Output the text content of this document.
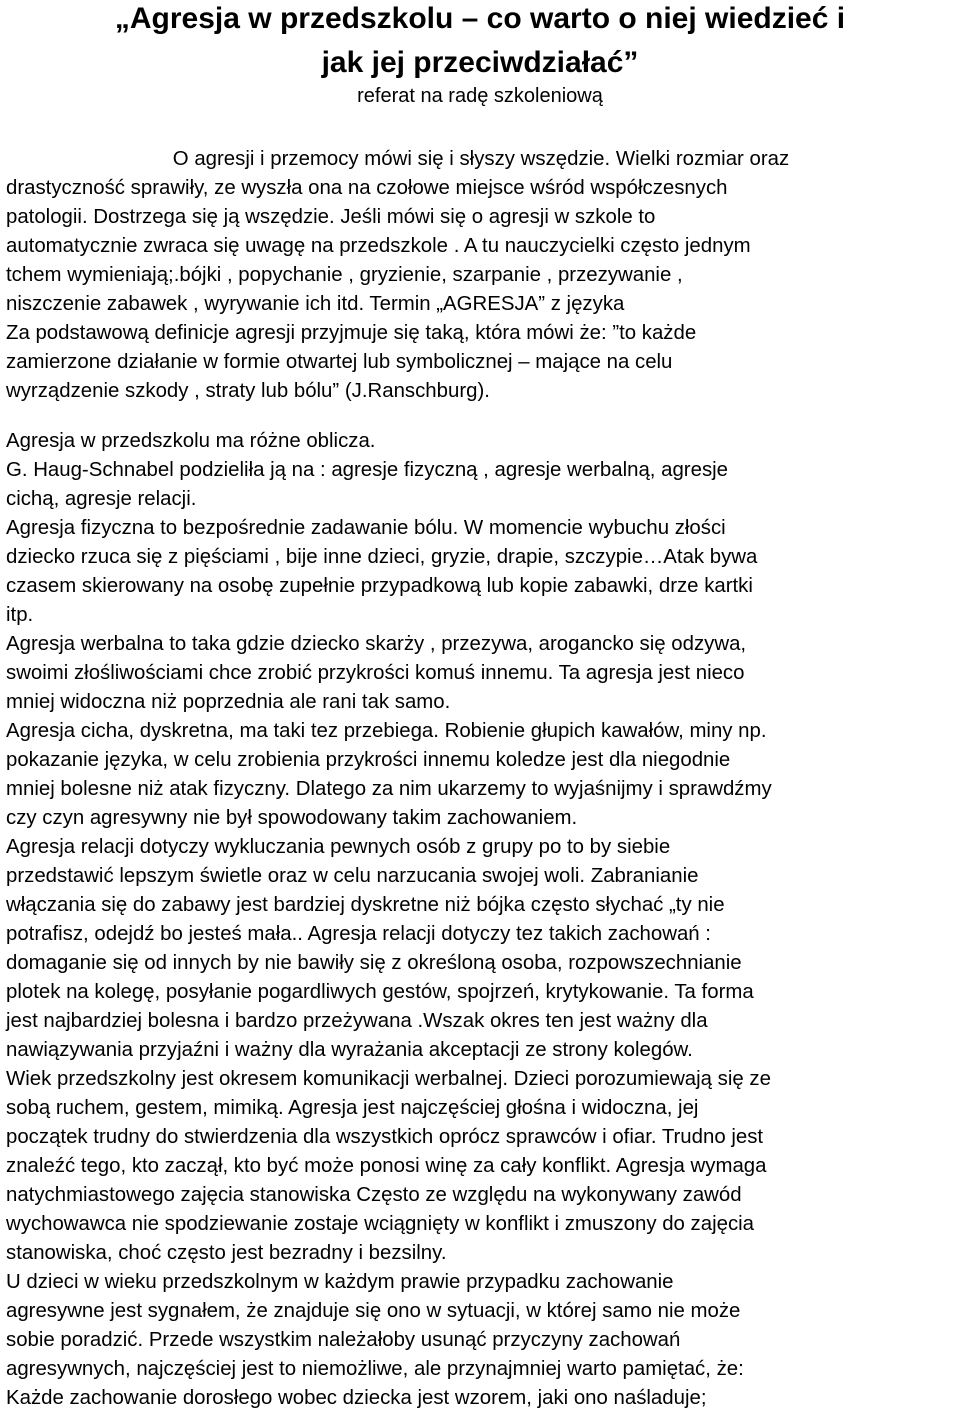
„Agresja w przedszkolu – co warto o niej wiedzieć i
jak jej przeciwdziałać”
referat na radę szkoleniową
O agresji i przemocy mówi się i słyszy wszędzie. Wielki rozmiar oraz
drastyczność sprawiły, ze wyszła ona na czołowe miejsce wśród współczesnych
patologii. Dostrzega się ją wszędzie. Jeśli mówi się o agresji w szkole to
automatycznie zwraca się uwagę na przedszkole . A tu nauczycielki często jednym
tchem wymieniają;.bójki , popychanie , gryzienie, szarpanie , przezywanie ,
niszczenie zabawek , wyrywanie ich itd. Termin „AGRESJA” z języka
Za podstawową definicje agresji przyjmuje się taką, która mówi że: ”to każde
zamierzone działanie w formie otwartej lub symbolicznej – mające na celu
wyrządzenie szkody , straty lub bólu” (J.Ranschburg).
Agresja w przedszkolu ma różne oblicza.
G. Haug-Schnabel podzieliła ją na : agresje fizyczną , agresje werbalną, agresje
cichą, agresje relacji.
Agresja fizyczna to bezpośrednie zadawanie bólu. W momencie wybuchu złości
dziecko rzuca się z pięściami , bije inne dzieci, gryzie, drapie, szczypie…Atak bywa
czasem skierowany na osobę zupełnie przypadkową lub kopie zabawki, drze kartki
itp.
Agresja werbalna to taka gdzie dziecko skarży , przezywa, arogancko się odzywa,
swoimi złośliwościami chce zrobić przykrości komuś innemu. Ta agresja jest nieco
mniej widoczna niż poprzednia ale rani tak samo.
Agresja cicha, dyskretna, ma taki tez przebiega. Robienie głupich kawałów, miny np.
pokazanie języka, w celu zrobienia przykrości innemu koledze jest dla niegodnie
mniej bolesne niż atak fizyczny. Dlatego za nim ukarzemy to wyjaśnijmy i sprawdźmy
czy czyn agresywny nie był spowodowany takim zachowaniem.
Agresja relacji dotyczy wykluczania pewnych osób z grupy po to by siebie
przedstawić lepszym świetle oraz w celu narzucania swojej woli. Zabranianie
włączania się do zabawy jest bardziej dyskretne niż bójka często słychać „ty nie
potrafisz, odejdź bo jesteś mała.. Agresja relacji dotyczy tez takich zachowań :
domaganie się od innych by nie bawiły się z określoną osoba, rozpowszechnianie
plotek na kolegę, posyłanie pogardliwych gestów, spojrzeń, krytykowanie. Ta forma
jest najbardziej bolesna i bardzo przeżywana .Wszak okres ten jest ważny dla
nawiązywania przyjaźni i ważny dla wyrażania akceptacji ze strony kolegów.
Wiek przedszkolny jest okresem komunikacji werbalnej. Dzieci porozumiewają się ze
sobą ruchem, gestem, mimiką. Agresja jest najczęściej głośna i widoczna, jej
początek trudny do stwierdzenia dla wszystkich oprócz sprawców i ofiar. Trudno jest
znaleźć tego, kto zaczął, kto być może ponosi winę za cały konflikt. Agresja wymaga
natychmiastowego zajęcia stanowiska Często ze względu na wykonywany zawód
wychowawca nie spodziewanie zostaje wciągnięty w konflikt i zmuszony do zajęcia
stanowiska, choć często jest bezradny i bezsilny.
U dzieci w wieku przedszkolnym w każdym prawie przypadku zachowanie
agresywne jest sygnałem, że znajduje się ono w sytuacji, w której samo nie może
sobie poradzić. Przede wszystkim należałoby usunąć przyczyny zachowań
agresywnych, najczęściej jest to niemożliwe, ale przynajmniej warto pamiętać, że:
Każde zachowanie dorosłego wobec dziecka jest wzorem, jaki ono naśladuje;
